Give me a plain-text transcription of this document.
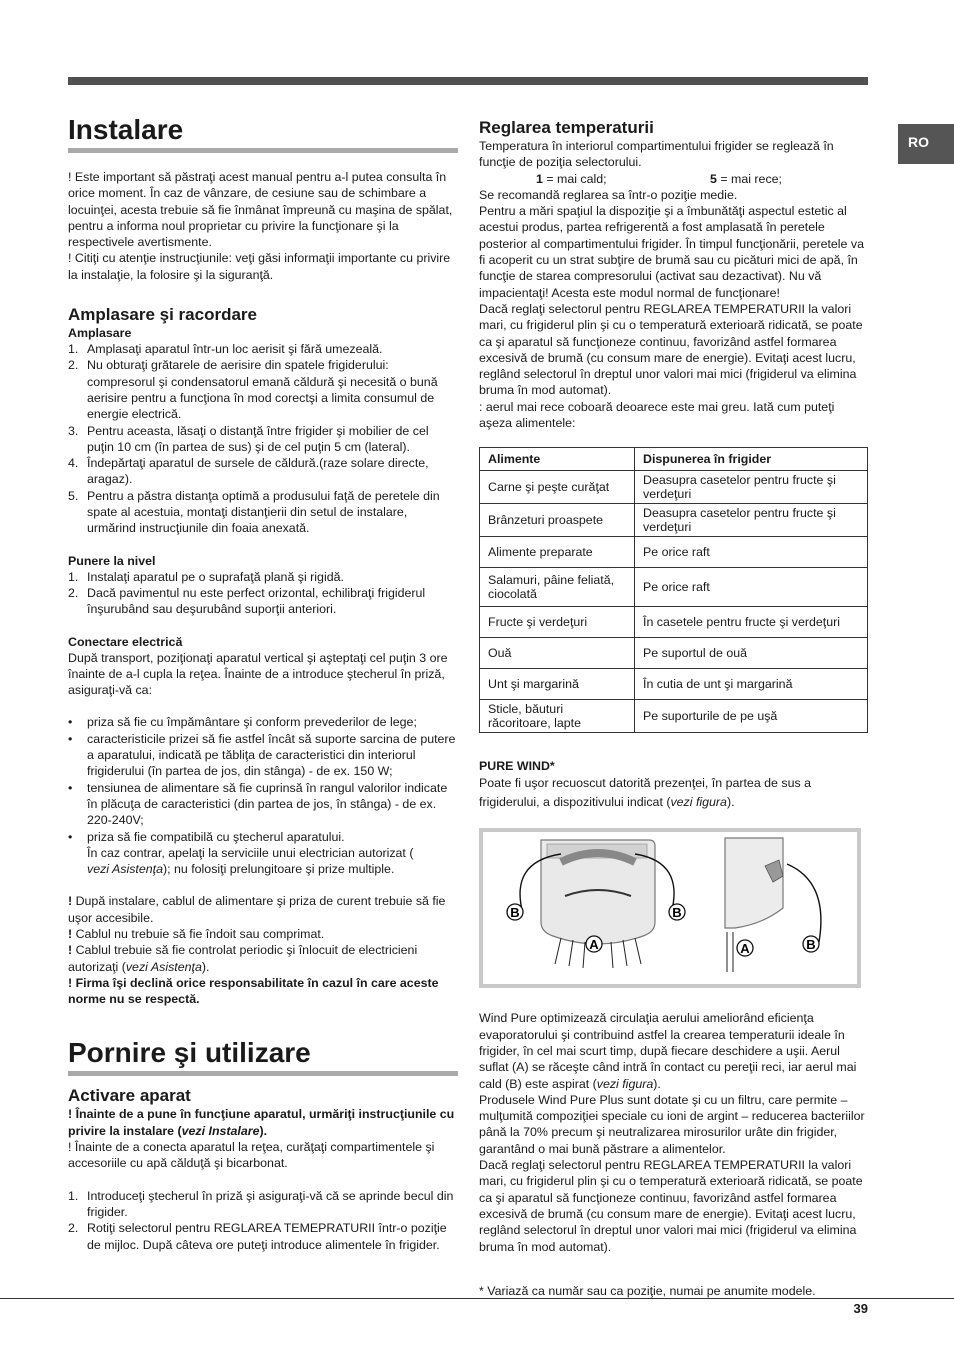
RO
Instalare

! Este important să păstraţi acest manual pentru a-l putea consulta în orice moment. În caz de vânzare, de cesiune sau de schimbare a locuinţei, acesta trebuie să fie înmânat împreună cu maşina de spălat, pentru a informa noul proprietar cu privire la funcţionare şi la respectivele avertismente.

! Citiţi cu atenţie instrucţiunile: veţi găsi informaţii importante cu privire la instalaţie, la folosire şi la siguranţă.

Amplasare şi racordare
Amplasare
1. Amplasaţi aparatul într-un loc aerisit şi fără umezeală.
2. Nu obturaţi grătarele de aerisire din spatele frigiderului: compresorul şi condensatorul emană căldură şi necesită o bună aerisire pentru a funcţiona în mod corectşi a limita consumul de energie electrică.
3. Pentru aceasta, lăsaţi o distanţă între frigider şi mobilier de cel puţin 10 cm (în partea de sus) şi de cel puţin 5 cm (lateral).
4. Îndepărtaţi aparatul de sursele de căldură.(raze solare directe, aragaz).
5. Pentru a păstra distanţa optimă a produsului faţă de peretele din spate al acestuia, montaţi distanţierii din setul de instalare, urmărind instrucţiunile din foaia anexată.
Punere la nivel
1. Instalaţi aparatul pe o suprafaţă plană şi rigidă.
2. Dacă pavimentul nu este perfect orizontal, echilibraţi frigiderul înşurubând sau deşurubând suporţii anteriori.
Conectare electrică

După transport, poziţionaţi aparatul vertical şi aşteptaţi cel puţin 3 ore înainte de a-l cupla la reţea. Înainte de a introduce ştecherul în priză, asiguraţi-vă ca:

• priza să fie cu împământare şi conform prevederilor de lege;
• caracteristicile prizei să fie astfel încât să suporte sarcina de putere a aparatului, indicată pe tăbliţa de caracteristici din interiorul frigiderului (în partea de jos, din stânga) - de ex. 150 W;
• tensiunea de alimentare să fie cuprinsă în rangul valorilor indicate în plăcuţa de caracteristici (din partea de jos, în stânga) - de ex. 220-240V;
• priza să fie compatibilă cu ştecherul aparatului.
În caz contrar, apelaţi la serviciile unui electrician autorizat (
vezi Asistenţa); nu folosiţi prelungitoare şi prize multiple.

! După instalare, cablul de alimentare şi priza de curent trebuie să fie uşor accesibile.

! Cablul nu trebuie să fie îndoit sau comprimat.

! Cablul trebuie să fie controlat periodic şi înlocuit de electricieni autorizaţi (vezi Asistenţa).

! Firma îşi declină orice responsabilitate în cazul în care aceste norme nu se respectă.

Pornire şi utilizare
Activare aparat

! Înainte de a pune în funcţiune aparatul, urmăriţi instrucţiunile cu privire la instalare (vezi Instalare).

! Înainte de a conecta aparatul la reţea, curăţaţi compartimentele şi accesoriile cu apă călduţă şi bicarbonat.

1. Introduceţi ştecherul în priză şi asiguraţi-vă că se aprinde becul din frigider.
2. Rotiţi selectorul pentru REGLAREA TEMEPRATURII într-o poziţie de mijloc. După câteva ore puteţi introduce alimentele în frigider.
Reglarea temperaturii

Temperatura în interiorul compartimentului frigider se reglează în funcţie de poziţia selectorului.

1 = mai cald;	5 = mai rece;

Se recomandă reglarea sa într-o poziţie medie.

Pentru a mări spaţiul la dispoziţie şi a îmbunătăţi aspectul estetic al acestui produs, partea refrigerentă a fost amplasată în peretele posterior al compartimentului frigider. În timpul funcţionării, peretele va fi acoperit cu un strat subţire de brumă sau cu picături mici de apă, în funcţie de starea compresorului (activat sau dezactivat). Nu vă impacientaţi! Acesta este modul normal de funcţionare!

Dacă reglaţi selectorul pentru REGLAREA TEMPERATURII la valori mari, cu frigiderul plin şi cu o temperatură exterioară ridicată, se poate ca şi aparatul să funcţioneze continuu, favorizând astfel formarea excesivă de brumă (cu consum mare de energie). Evitaţi acest lucru, reglând selectorul în dreptul unor valori mai mici (frigiderul va elimina bruma în mod automat).

: aerul mai rece coboară deoarece este mai greu. Iată cum puteţi aşeza alimentele:

Alimente	Dispunerea în frigider
Carne şi peşte curăţat	Deasupra casetelor pentru fructe şi verdeţuri
Brânzeturi proaspete	Deasupra casetelor pentru fructe şi verdeţuri
Alimente preparate	Pe orice raft
Salamuri, pâine feliată, ciocolată	Pe orice raft
Fructe şi verdeţuri	În casetele pentru fructe şi verdeţuri
Ouă	Pe suportul de ouă
Unt şi margarină	În cutia de unt şi margarină
Sticle, băuturi răcoritoare, lapte	Pe suporturile de pe uşă
PURE WIND*

Poate fi uşor recuoscut datorită prezenţei, în partea de sus a frigiderului, a dispozitivului indicat (vezi figura).

B	B
A	B
A

Wind Pure optimizează circulaţia aerului ameliorând eficienţa evaporatorului şi contribuind astfel la crearea temperaturii ideale în frigider, în cel mai scurt timp, după fiecare deschidere a uşii. Aerul suflat (A) se răceşte când intră în contact cu pereţii reci, iar aerul mai cald (B) este aspirat (vezi figura).

Produsele Wind Pure Plus sunt dotate şi cu un filtru, care permite – mulţumită compoziţiei speciale cu ioni de argint – reducerea bacteriilor până la 70% precum şi neutralizarea mirosurilor urâte din frigider, garantând o mai bună păstrare a alimentelor.

Dacă reglaţi selectorul pentru REGLAREA TEMPERATURII la valori mari, cu frigiderul plin şi cu o temperatură exterioară ridicată, se poate ca şi aparatul să funcţioneze continuu, favorizând astfel formarea excesivă de brumă (cu consum mare de energie). Evitaţi acest lucru, reglând selectorul în dreptul unor valori mai mici (frigiderul va elimina bruma în mod automat).

* Variază ca număr sau ca poziţie, numai pe anumite modele.

39
